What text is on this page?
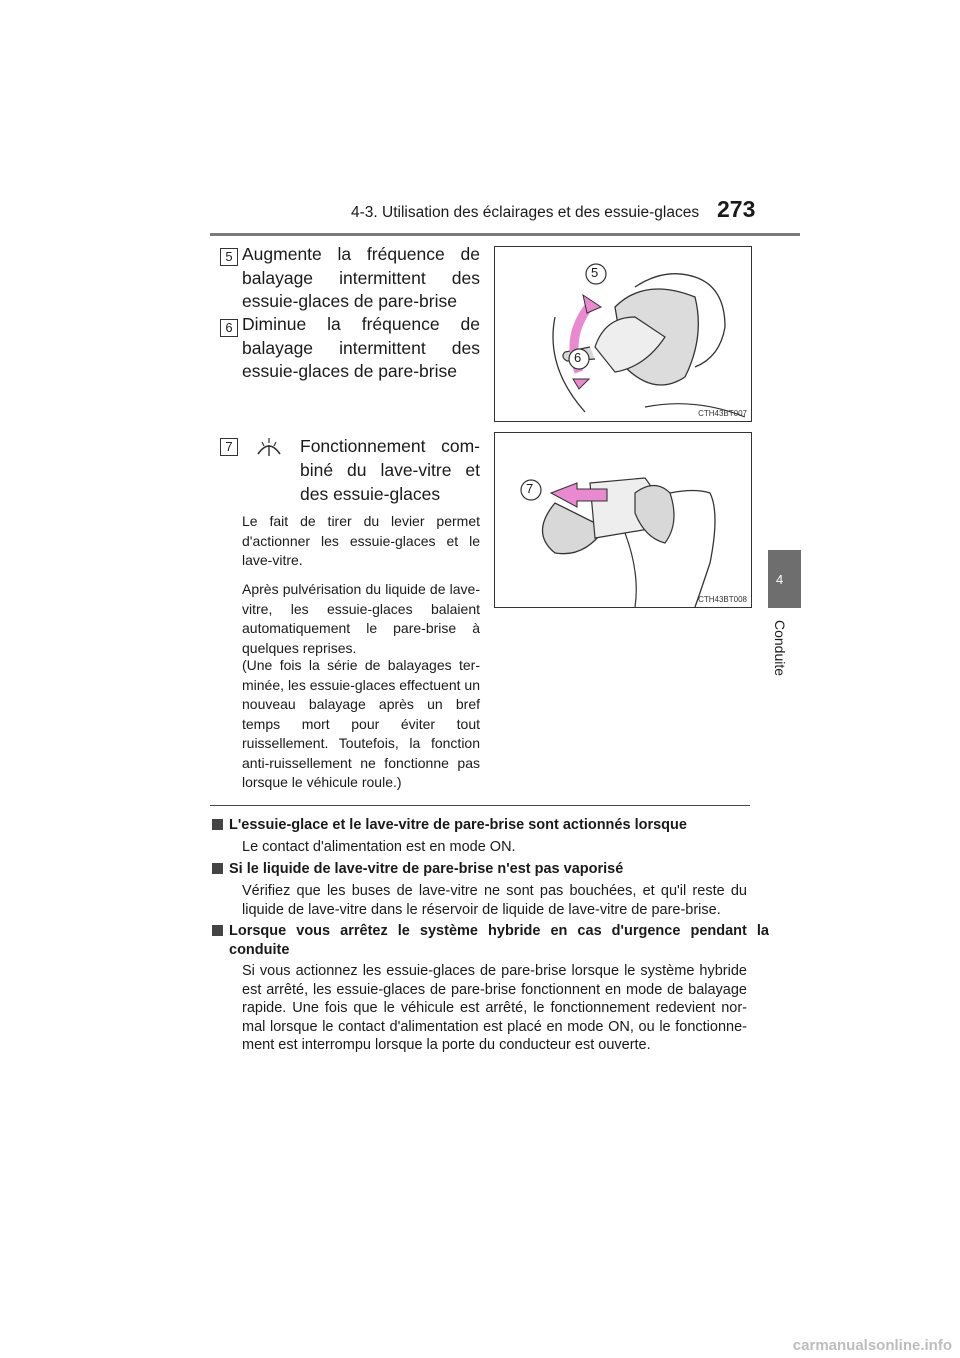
4-3. Utilisation des éclairages et des essuie-glaces 273
4
Conduite
5 Augmente la fréquence de balayage intermittent des essuie-glaces de pare-brise
6 Diminue la fréquence de balayage intermittent des essuie-glaces de pare-brise
7	Fonctionnement com-biné du lave-vitre et des essuie-glaces
Le fait de tirer du levier permet d'actionner les essuie-glaces et le lave-vitre.
Après pulvérisation du liquide de lave-vitre, les essuie-glaces balaient automatiquement le pare-brise à quelques reprises.
(Une fois la série de balayages ter-minée, les essuie-glaces effectuent un nouveau balayage après un bref temps mort pour éviter tout ruissellement. Toutefois, la fonction anti-ruissellement ne fonctionne pas lorsque le véhicule roule.)
5
6
CTH43BT007
7
CTH43BT008
L'essuie-glace et le lave-vitre de pare-brise sont actionnés lorsque
Le contact d'alimentation est en mode ON.
Si le liquide de lave-vitre de pare-brise n'est pas vaporisé
Vérifiez que les buses de lave-vitre ne sont pas bouchées, et qu'il reste du liquide de lave-vitre dans le réservoir de liquide de lave-vitre de pare-brise.
Lorsque vous arrêtez le système hybride en cas d'urgence pendant la conduite
Si vous actionnez les essuie-glaces de pare-brise lorsque le système hybride est arrêté, les essuie-glaces de pare-brise fonctionnent en mode de balayage rapide. Une fois que le véhicule est arrêté, le fonctionnement redevient nor-mal lorsque le contact d'alimentation est placé en mode ON, ou le fonctionne-ment est interrompu lorsque la porte du conducteur est ouverte.
carmanualsonline.info
